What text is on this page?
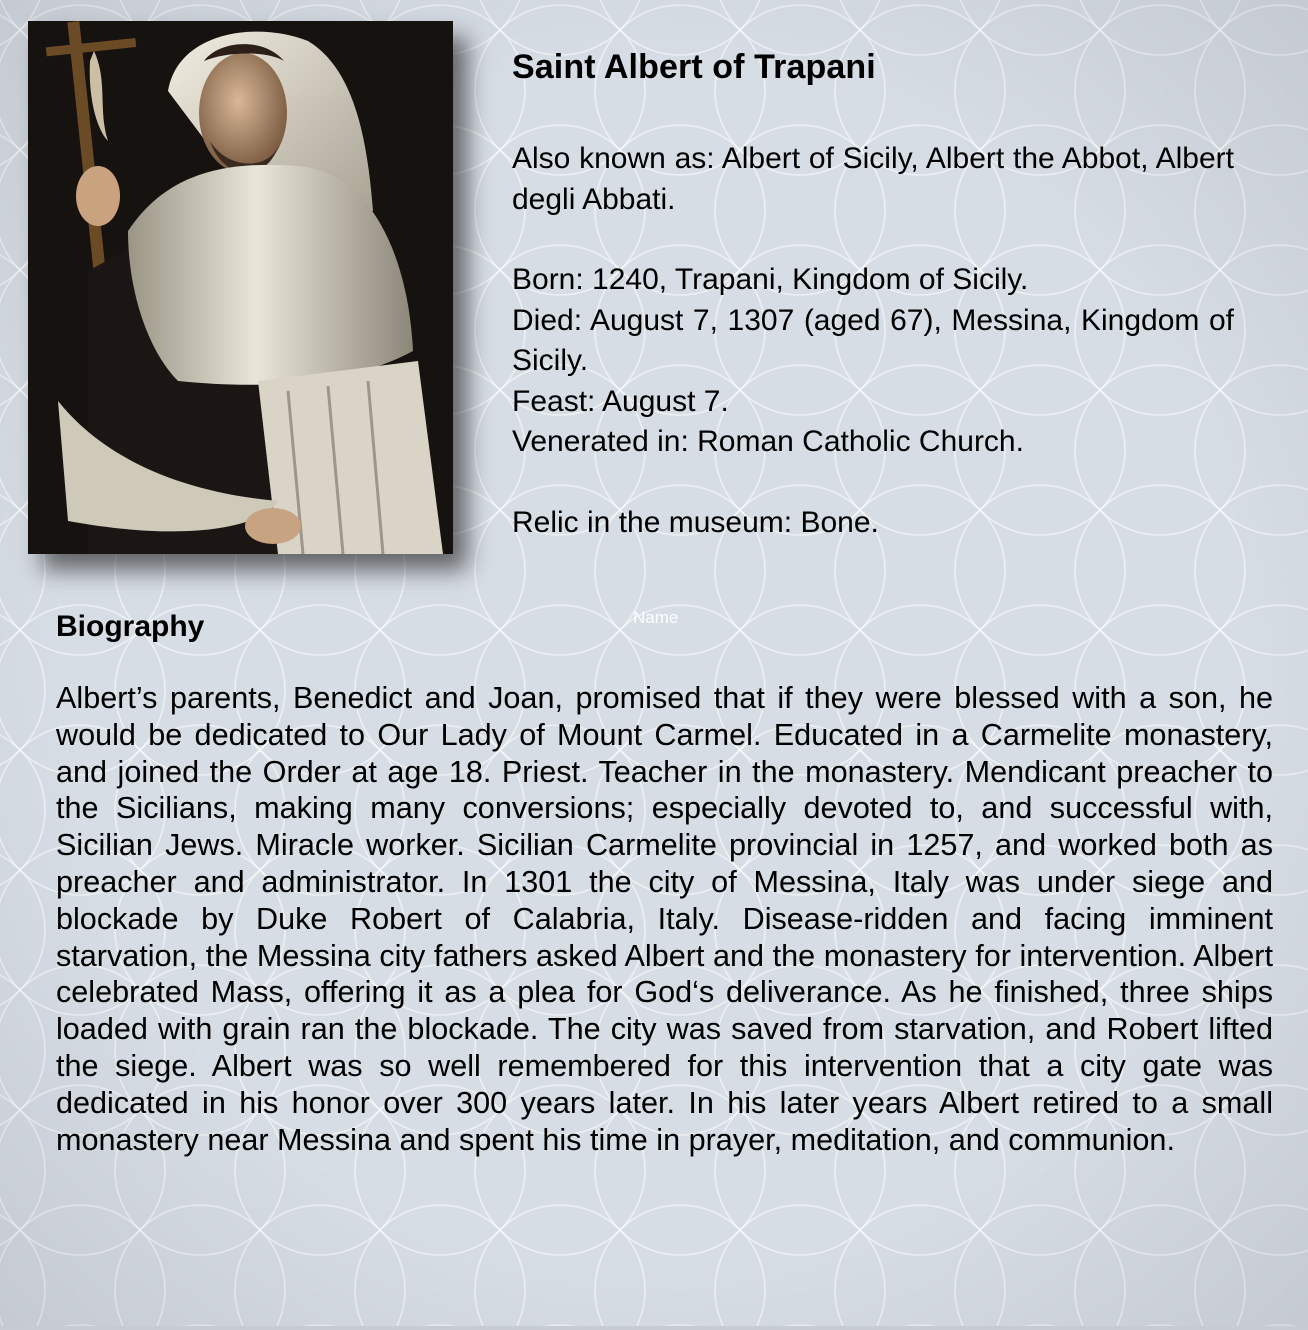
Saint Albert of Trapani

Also known as: Albert of Sicily, Albert the Abbot, Albert degli Abbati.

Born: 1240, Trapani, Kingdom of Sicily.

Died: August 7, 1307 (aged 67), Messina, Kingdom of Sicily.

Feast: August 7.

Venerated in: Roman Catholic Church.

Relic in the museum: Bone.

Name
Biography

Albert’s parents, Benedict and Joan, promised that if they were blessed with a son, he would be dedicated to Our Lady of Mount Carmel. Educated in a Carmelite monastery, and joined the Order at age 18. Priest. Teacher in the monastery. Mendicant preacher to the Sicilians, making many conversions; especially devoted to, and successful with, Sicilian Jews. Miracle worker. Sicilian Carmelite provincial in 1257, and worked both as preacher and administrator. In 1301 the city of Messina, Italy was under siege and blockade by Duke Robert of Calabria, Italy. Disease-ridden and facing imminent starvation, the Messina city fathers asked Albert and the monastery for intervention. Albert celebrated Mass, offering it as a plea for God‘s deliverance. As he finished, three ships loaded with grain ran the blockade. The city was saved from starvation, and Robert lifted the siege. Albert was so well remembered for this intervention that a city gate was dedicated in his honor over 300 years later. In his later years Albert retired to a small monastery near Messina and spent his time in prayer, meditation, and communion.
